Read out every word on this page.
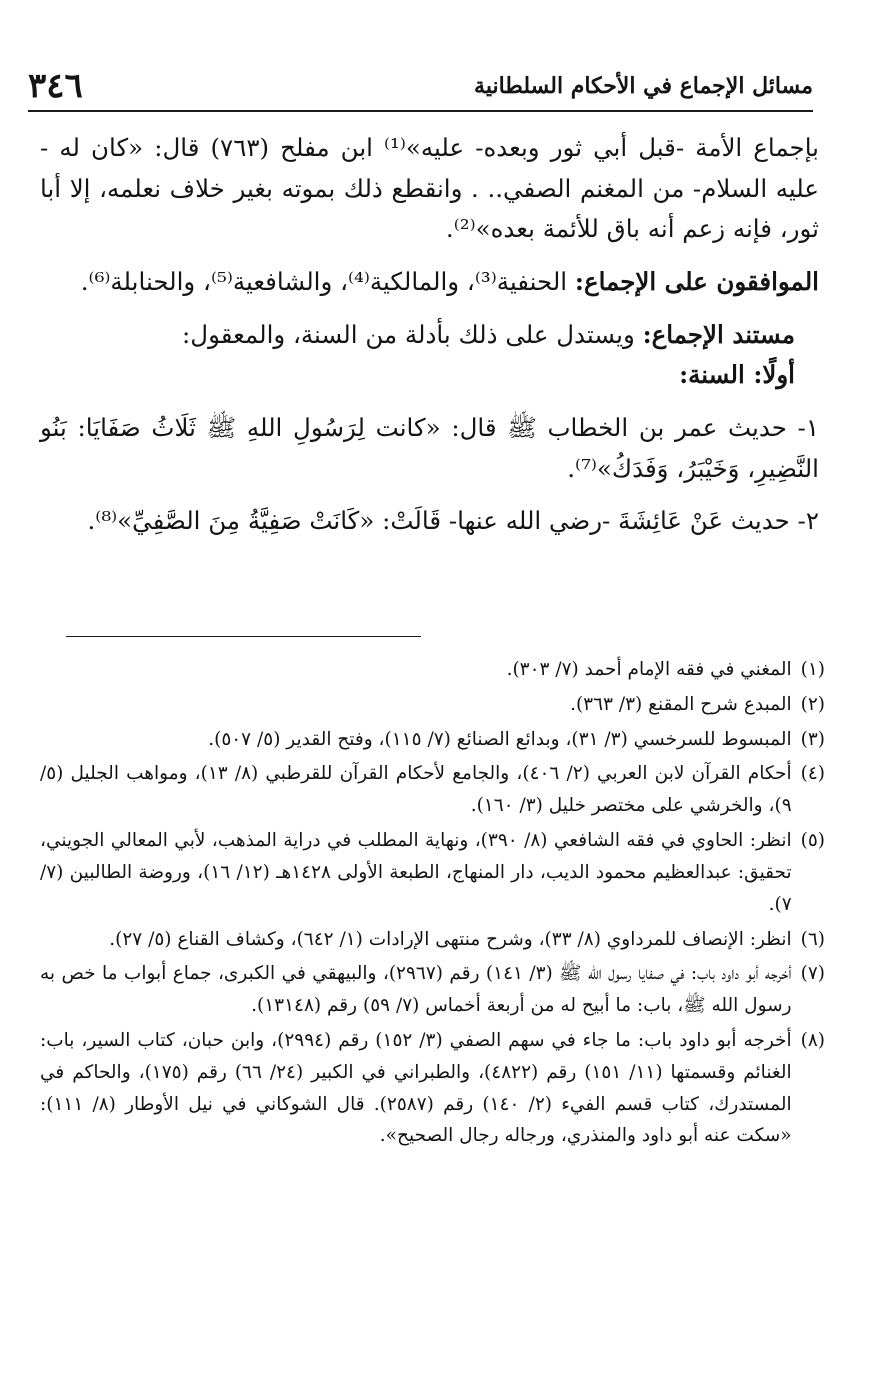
مسائل الإجماع في الأحكام السلطانية
٣٤٦

بإجماع الأمة -قبل أبي ثور وبعده- عليه»⁽¹⁾ ابن مفلح (٧٦٣) قال: «كان له - عليه السلام- من المغنم الصفي.. . وانقطع ذلك بموته بغير خلاف نعلمه، إلا أبا ثور، فإنه زعم أنه باق للأئمة بعده»⁽²⁾.

الموافقون على الإجماع: الحنفية⁽³⁾، والمالكية⁽⁴⁾، والشافعية⁽⁵⁾، والحنابلة⁽⁶⁾.

مستند الإجماع: ويستدل على ذلك بأدلة من السنة، والمعقول:

أولًا: السنة:

١- حديث عمر بن الخطاب ﷺ قال: «كانت لِرَسُولِ اللهِ ﷺ ثَلَاثُ صَفَايَا: بَنُو النَّضِيرِ، وَخَيْبَرُ، وَفَدَكُ»⁽⁷⁾.

٢- حديث عَنْ عَائِشَةَ -رضي الله عنها- قَالَتْ: «كَانَتْ صَفِيَّةُ مِنَ الصَّفِيِّ»⁽⁸⁾.

(١)
المغني في فقه الإمام أحمد (٧/ ٣٠٣).
(٢)
المبدع شرح المقنع (٣/ ٣٦٣).
(٣)
المبسوط للسرخسي (٣/ ٣١)، وبدائع الصنائع (٧/ ١١٥)، وفتح القدير (٥/ ٥٠٧).
(٤)
أحكام القرآن لابن العربي (٢/ ٤٠٦)، والجامع لأحكام القرآن للقرطبي (٨/ ١٣)، ومواهب الجليل (٥/ ٩)، والخرشي على مختصر خليل (٣/ ١٦٠).
(٥)
انظر: الحاوي في فقه الشافعي (٨/ ٣٩٠)، ونهاية المطلب في دراية المذهب، لأبي المعالي الجويني، تحقيق: عبدالعظيم محمود الديب، دار المنهاج، الطبعة الأولى ١٤٢٨هـ (١٢/ ١٦)، وروضة الطالبين (٧/ ٧).
(٦)
انظر: الإنصاف للمرداوي (٨/ ٣٣)، وشرح منتهى الإرادات (١/ ٦٤٢)، وكشاف القناع (٥/ ٢٧).
(٧)
أخرجه أبو داود باب: في صفايا رسول الله ﷺ (٣/ ١٤١) رقم (٢٩٦٧)، والبيهقي في الكبرى، جماع أبواب ما خص به رسول الله ﷺ، باب: ما أبيح له من أربعة أخماس (٧/ ٥٩) رقم (١٣١٤٨).
(٨)
أخرجه أبو داود باب: ما جاء في سهم الصفي (٣/ ١٥٢) رقم (٢٩٩٤)، وابن حبان، كتاب السير، باب: الغنائم وقسمتها (١١/ ١٥١) رقم (٤٨٢٢)، والطبراني في الكبير (٢٤/ ٦٦) رقم (١٧٥)، والحاكم في المستدرك، كتاب قسم الفيء (٢/ ١٤٠) رقم (٢٥٨٧). قال الشوكاني في نيل الأوطار (٨/ ١١١): «سكت عنه أبو داود والمنذري، ورجاله رجال الصحيح».
